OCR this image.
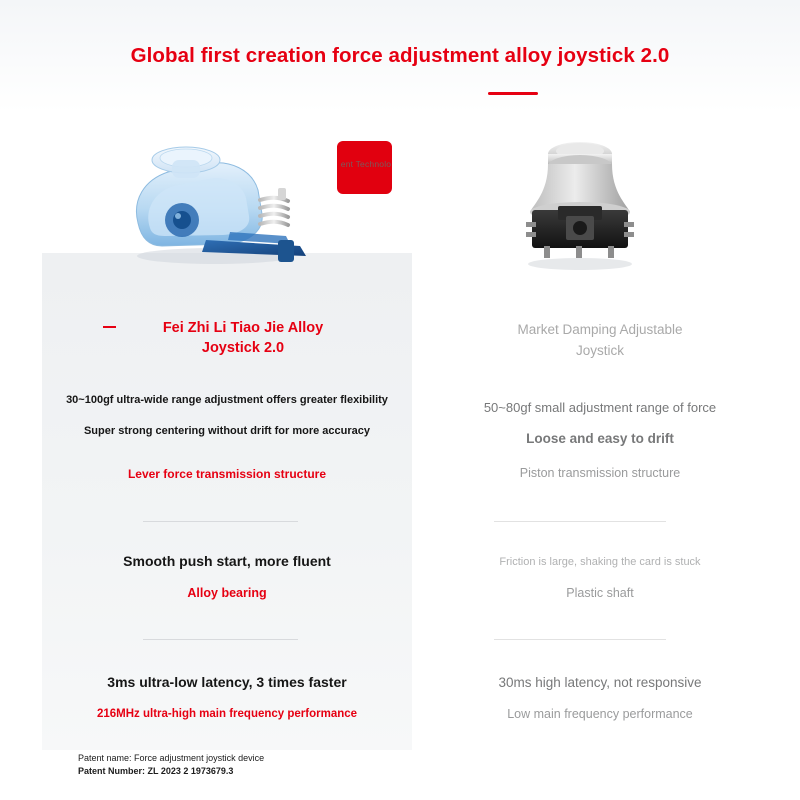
Global first creation force adjustment alloy joystick 2.0
ent Technolo
Fei Zhi Li Tiao Jie Alloy
Joystick 2.0
Market Damping Adjustable
Joystick
30~100gf ultra-wide range adjustment offers greater flexibility
Super strong centering without drift for more accuracy
Lever force transmission structure
50~80gf small adjustment range of force
Loose and easy to drift
Piston transmission structure
Smooth push start, more fluent
Alloy bearing
Friction is large, shaking the card is stuck
Plastic shaft
3ms ultra-low latency, 3 times faster
216MHz ultra-high main frequency performance
30ms high latency, not responsive
Low main frequency performance
Patent name: Force adjustment joystick device
Patent Number: ZL 2023 2 1973679.3
